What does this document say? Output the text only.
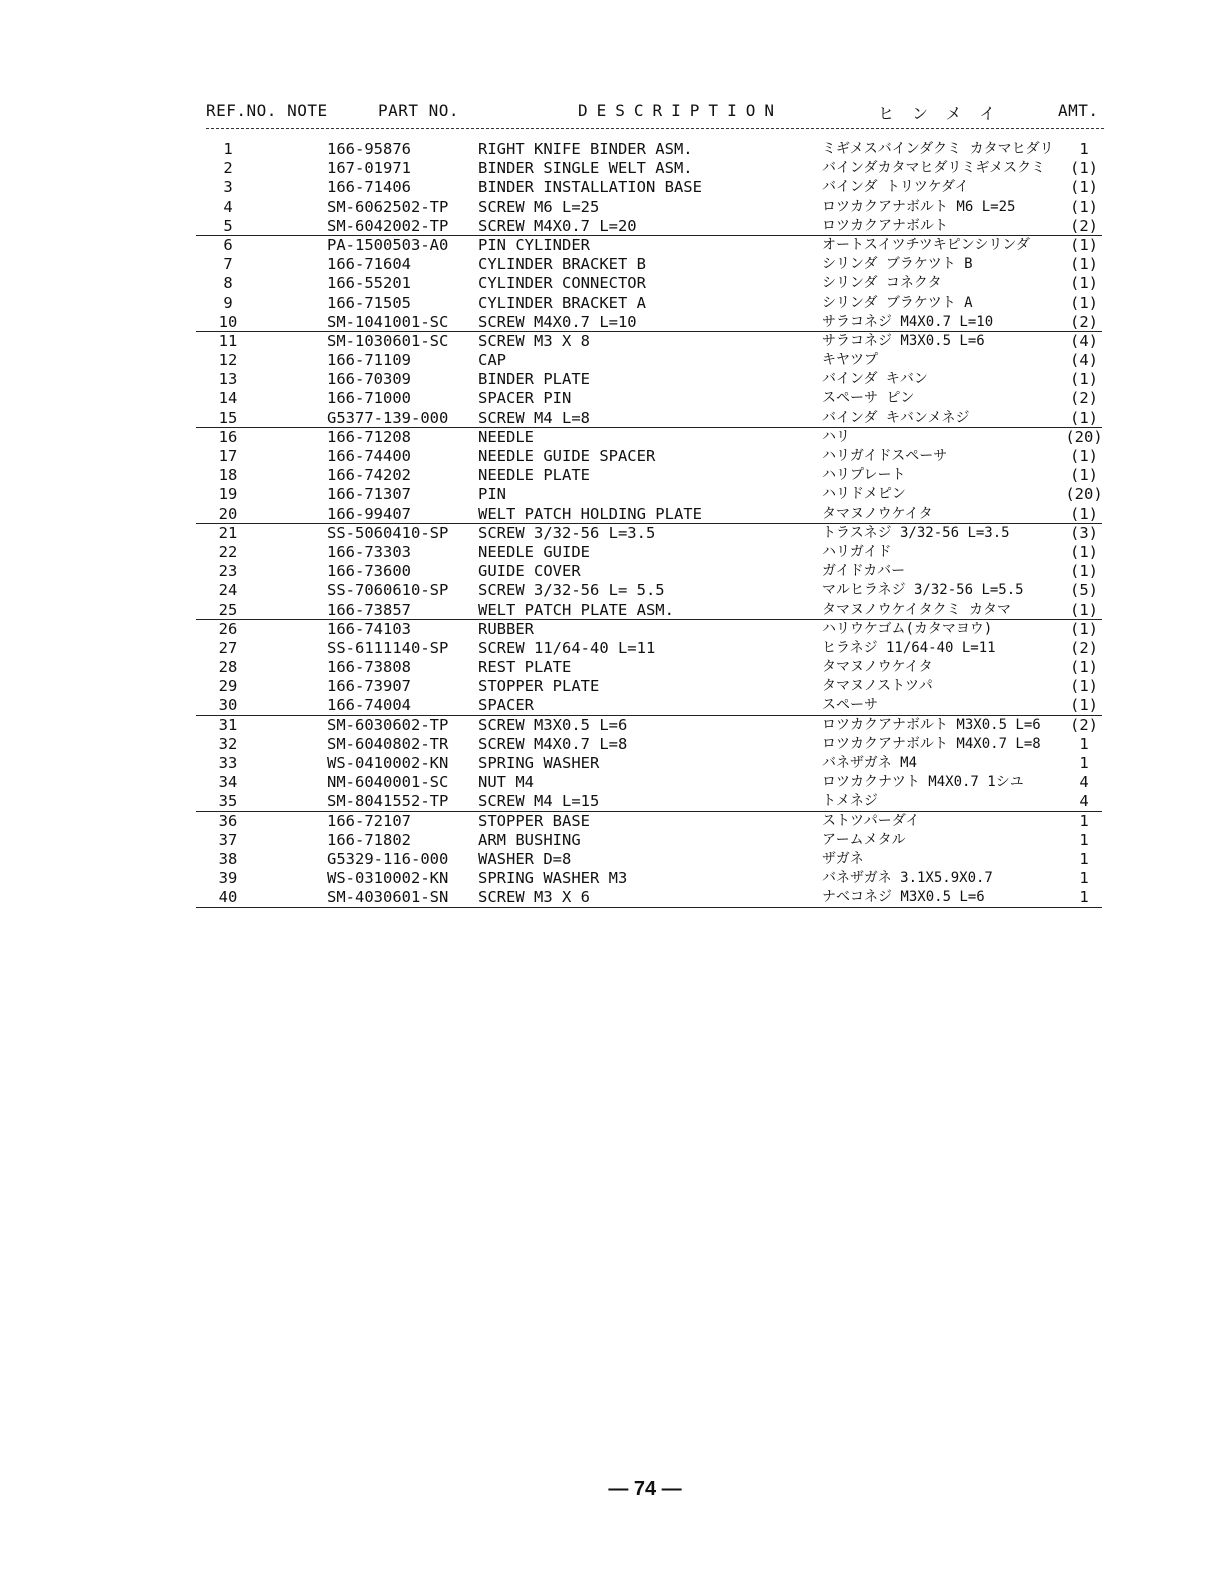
REF.NO. NOTE	PART NO.	DESCRIPTION	ヒンメイ	AMT.
1	166-95876	RIGHT KNIFE BINDER ASM.	ミギメスバインダクミ カタマヒダリ	1
2	167-01971	BINDER SINGLE WELT ASM.	バインダカタマヒダリミギメスクミ	(1)
3	166-71406	BINDER INSTALLATION BASE	バインダ トリツケダイ	(1)
4	SM-6062502-TP SCREW M6 L=25	ロツカクアナボルト M6 L=25	(1)
5	SM-6042002-TP SCREW M4X0.7 L=20	ロツカクアナボルト	(2)
6	PA-1500503-A0 PIN CYLINDER	オートスイツチツキピンシリンダ	(1)
7	166-71604	CYLINDER BRACKET B	シリンダ ブラケツト B	(1)
8	166-55201	CYLINDER CONNECTOR	シリンダ コネクタ	(1)
9	166-71505	CYLINDER BRACKET A	シリンダ ブラケツト A	(1)
10	SM-1041001-SC SCREW M4X0.7 L=10	サラコネジ M4X0.7 L=10	(2)
11	SM-1030601-SC SCREW M3 X 8	サラコネジ M3X0.5 L=6	(4)
12	166-71109	CAP	キヤツプ	(4)
13	166-70309	BINDER PLATE	バインダ キバン	(1)
14	166-71000	SPACER PIN	スペーサ ピン	(2)
15	G5377-139-000 SCREW M4 L=8	バインダ キバンメネジ	(1)
16	166-71208	NEEDLE	ハリ	(20)
17	166-74400	NEEDLE GUIDE SPACER	ハリガイドスペーサ	(1)
18	166-74202	NEEDLE PLATE	ハリプレート	(1)
19	166-71307	PIN	ハリドメピン	(20)
20	166-99407	WELT PATCH HOLDING PLATE	タマヌノウケイタ	(1)
21	SS-5060410-SP SCREW 3/32-56 L=3.5	トラスネジ 3/32-56 L=3.5	(3)
22	166-73303	NEEDLE GUIDE	ハリガイド	(1)
23	166-73600	GUIDE COVER	ガイドカバー	(1)
24	SS-7060610-SP SCREW 3/32-56 L= 5.5	マルヒラネジ 3/32-56 L=5.5	(5)
25	166-73857	WELT PATCH PLATE ASM.	タマヌノウケイタクミ カタマ	(1)
26	166-74103	RUBBER	ハリウケゴム(カタマヨウ)	(1)
27	SS-6111140-SP SCREW 11/64-40 L=11	ヒラネジ 11/64-40 L=11	(2)
28	166-73808	REST PLATE	タマヌノウケイタ	(1)
29	166-73907	STOPPER PLATE	タマヌノストツパ	(1)
30	166-74004	SPACER	スペーサ	(1)
31	SM-6030602-TP SCREW M3X0.5 L=6	ロツカクアナボルト M3X0.5 L=6	(2)
32	SM-6040802-TR SCREW M4X0.7 L=8	ロツカクアナボルト M4X0.7 L=8	1
33	WS-0410002-KN SPRING WASHER	バネザガネ M4	1
34	NM-6040001-SC NUT M4	ロツカクナツト M4X0.7 1シユ	4
35	SM-8041552-TP SCREW M4 L=15	トメネジ	4
36	166-72107	STOPPER BASE	ストツパーダイ	1
37	166-71802	ARM BUSHING	アームメタル	1
38	G5329-116-000 WASHER D=8	ザガネ	1
39	WS-0310002-KN SPRING WASHER M3	バネザガネ 3.1X5.9X0.7	1
40	SM-4030601-SN SCREW M3 X 6	ナベコネジ M3X0.5 L=6	1
— 74 —
